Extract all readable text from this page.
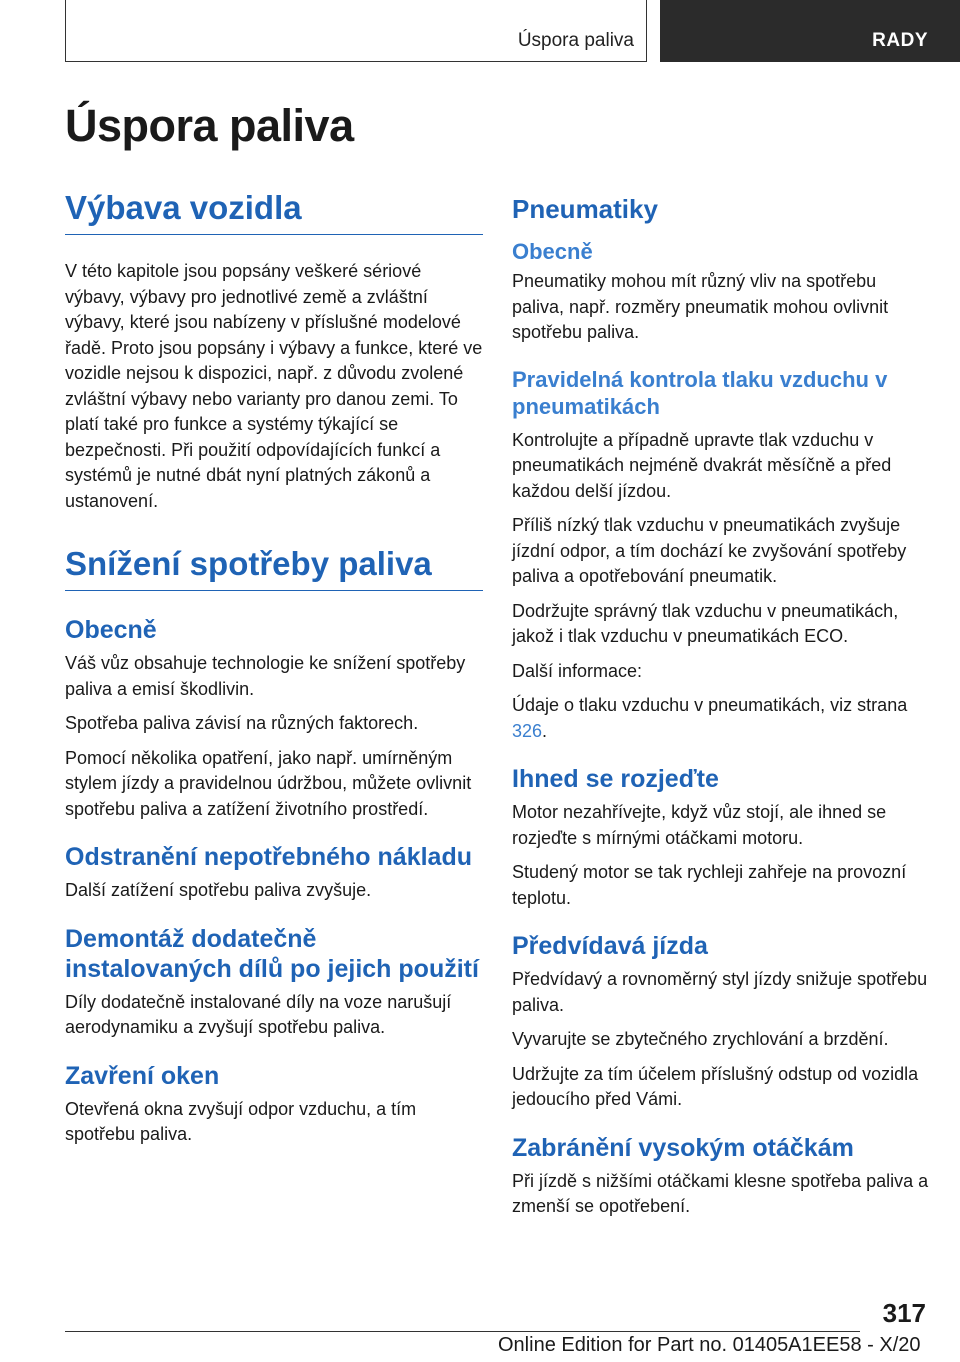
Úspora paliva	RADY
Úspora paliva
Výbava vozidla

V této kapitole jsou popsány veškeré sériové výbavy, výbavy pro jednotlivé země a zvláštní výbavy, které jsou nabízeny v příslušné modelové řadě. Proto jsou popsány i výbavy a funkce, které ve vozidle nejsou k dispozici, např. z důvodu zvolené zvláštní výbavy nebo varianty pro danou zemi. To platí také pro funkce a systémy týkající se bezpečnosti. Při použití odpovídajících funkcí a systémů je nutné dbát nyní platných zákonů a ustanovení.

Snížení spotřeby paliva
Obecně

Váš vůz obsahuje technologie ke snížení spotřeby paliva a emisí škodlivin.

Spotřeba paliva závisí na různých faktorech.

Pomocí několika opatření, jako např. umírněným stylem jízdy a pravidelnou údržbou, můžete ovlivnit spotřebu paliva a zatížení životního prostředí.

Odstranění nepotřebného nákladu

Další zatížení spotřebu paliva zvyšuje.

Demontáž dodatečně instalovaných dílů po jejich použití

Díly dodatečně instalované díly na voze narušují aerodynamiku a zvyšují spotřebu paliva.

Zavření oken

Otevřená okna zvyšují odpor vzduchu, a tím spotřebu paliva.

Pneumatiky
Obecně

Pneumatiky mohou mít různý vliv na spotřebu paliva, např. rozměry pneumatik mohou ovlivnit spotřebu paliva.

Pravidelná kontrola tlaku vzduchu v pneumatikách

Kontrolujte a případně upravte tlak vzduchu v pneumatikách nejméně dvakrát měsíčně a před každou delší jízdou.

Příliš nízký tlak vzduchu v pneumatikách zvyšuje jízdní odpor, a tím dochází ke zvyšování spotřeby paliva a opotřebování pneumatik.

Dodržujte správný tlak vzduchu v pneumatikách, jakož i tlak vzduchu v pneumatikách ECO.

Další informace:

Údaje o tlaku vzduchu v pneumatikách, viz strana 326.

Ihned se rozjeďte

Motor nezahřívejte, když vůz stojí, ale ihned se rozjeďte s mírnými otáčkami motoru.

Studený motor se tak rychleji zahřeje na provozní teplotu.

Předvídavá jízda

Předvídavý a rovnoměrný styl jízdy snižuje spotřebu paliva.

Vyvarujte se zbytečného zrychlování a brzdění.

Udržujte za tím účelem příslušný odstup od vozidla jedoucího před Vámi.

Zabránění vysokým otáčkám

Při jízdě s nižšími otáčkami klesne spotřeba paliva a zmenší se opotřebení.

317
Online Edition for Part no. 01405A1EE58 - X/20
